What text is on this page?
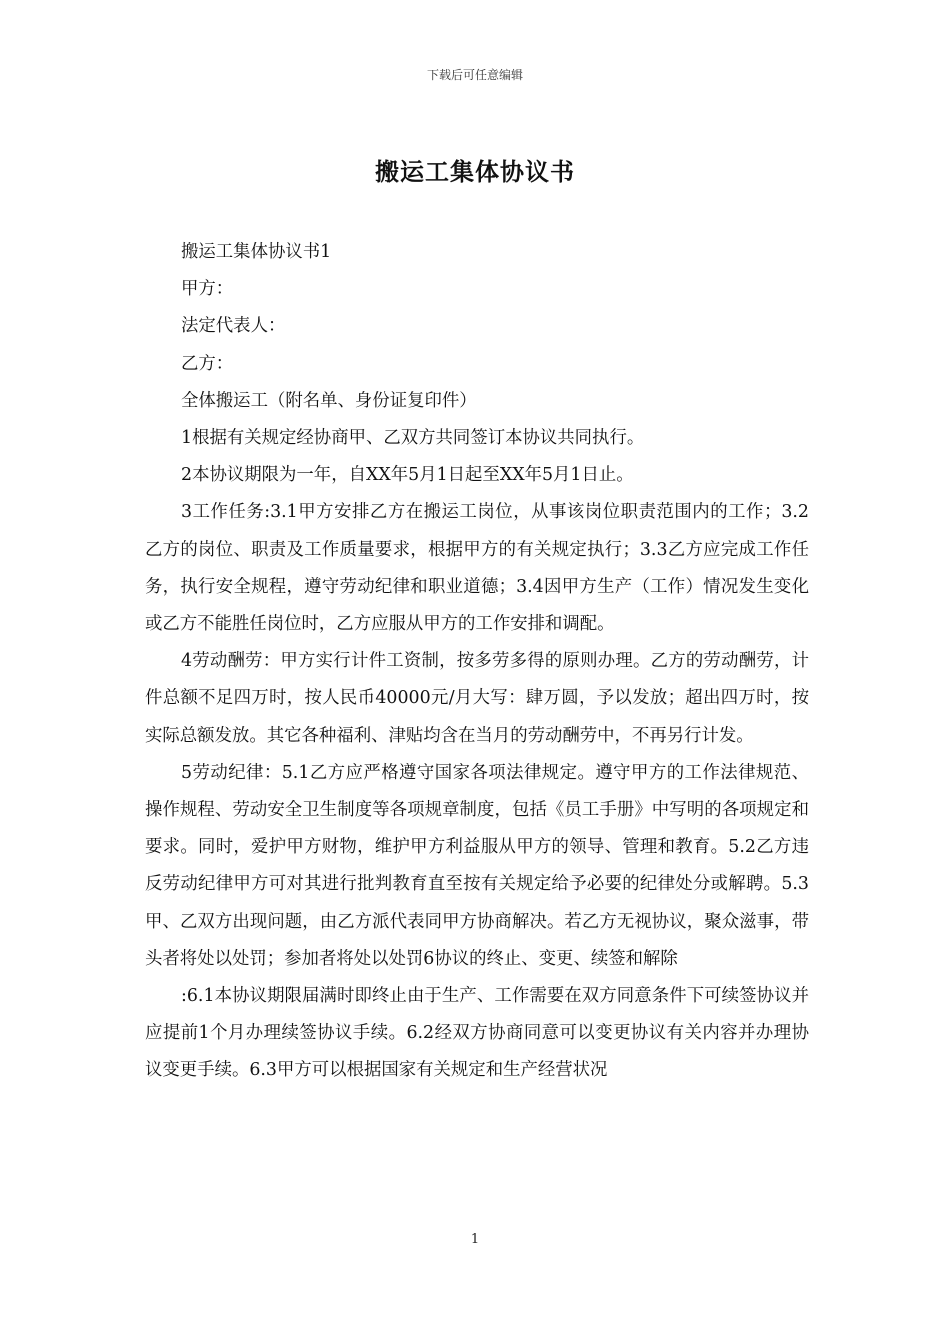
下载后可任意编辑
搬运工集体协议书

搬运工集体协议书1

甲方：

法定代表人：

乙方：

全体搬运工（附名单、身份证复印件）

1根据有关规定经协商甲、乙双方共同签订本协议共同执行。

2本协议期限为一年，自XX年5月1日起至XX年5月1日止。

3工作任务:3.1甲方安排乙方在搬运工岗位，从事该岗位职责范围内的工作；3.2乙方的岗位、职责及工作质量要求，根据甲方的有关规定执行；3.3乙方应完成工作任务，执行安全规程，遵守劳动纪律和职业道德；3.4因甲方生产（工作）情况发生变化或乙方不能胜任岗位时，乙方应服从甲方的工作安排和调配。

4劳动酬劳：甲方实行计件工资制，按多劳多得的原则办理。乙方的劳动酬劳，计件总额不足四万时，按人民币40000元/月大写：肆万圆，予以发放；超出四万时，按实际总额发放。其它各种福利、津贴均含在当月的劳动酬劳中，不再另行计发。

5劳动纪律：5.1乙方应严格遵守国家各项法律规定。遵守甲方的工作法律规范、操作规程、劳动安全卫生制度等各项规章制度，包括《员工手册》中写明的各项规定和要求。同时，爱护甲方财物，维护甲方利益服从甲方的领导、管理和教育。5.2乙方违反劳动纪律甲方可对其进行批判教育直至按有关规定给予必要的纪律处分或解聘。5.3甲、乙双方出现问题，由乙方派代表同甲方协商解决。若乙方无视协议，聚众滋事，带头者将处以处罚；参加者将处以处罚6协议的终止、变更、续签和解除

:6.1本协议期限届满时即终止由于生产、工作需要在双方同意条件下可续签协议并应提前1个月办理续签协议手续。6.2经双方协商同意可以变更协议有关内容并办理协议变更手续。6.3甲方可以根据国家有关规定和生产经营状况

1
